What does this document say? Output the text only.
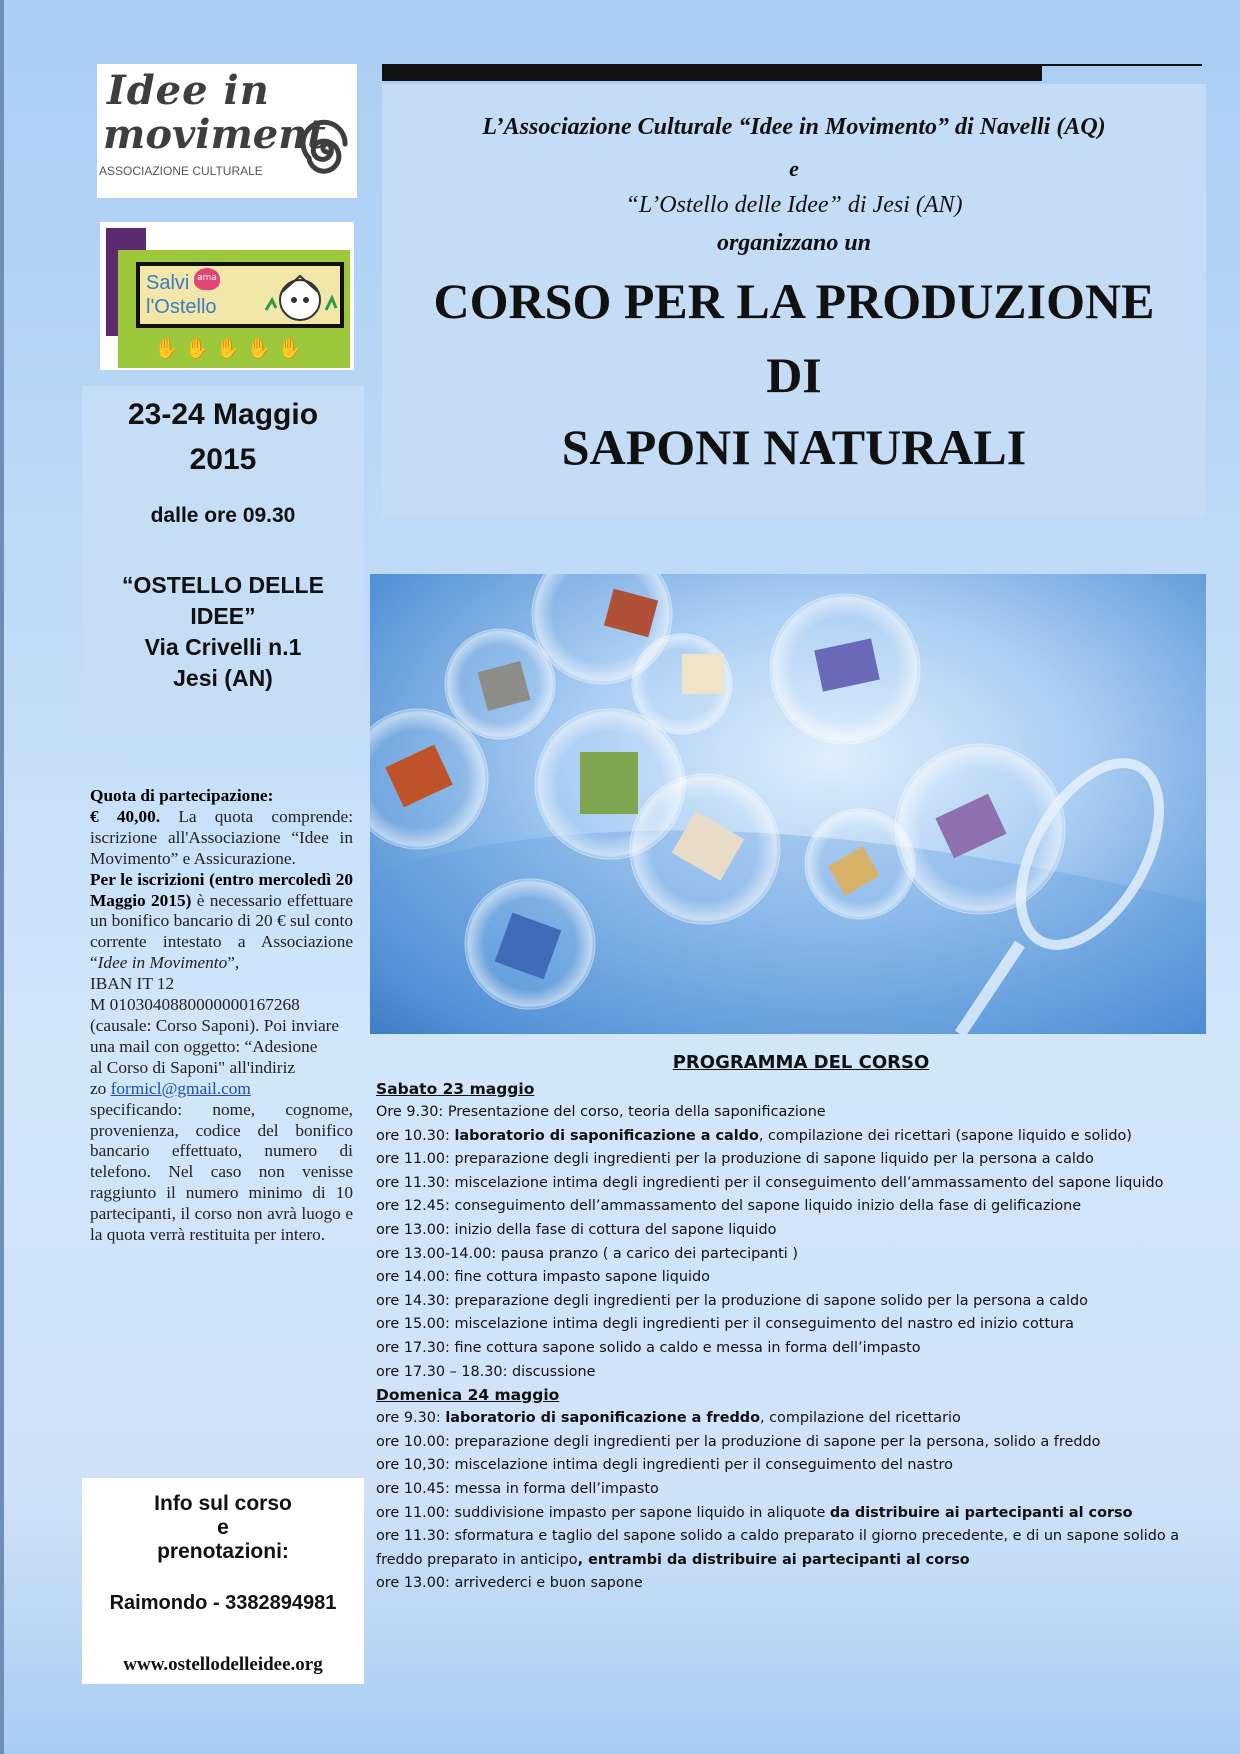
Idee in
moviment
ASSOCIAZIONE CULTURALE
Salvi ama
l'Ostello
✋✋✋✋✋
23-24 Maggio
2015
dalle ore 09.30
“OSTELLO DELLE
IDEE”
Via Crivelli n.1
Jesi (AN)
Quota di partecipazione:
€ 40,00. La quota comprende: iscrizione all'Associazione “Idee in Movimento” e Assicurazione.
Per le iscrizioni (entro mercoledì 20 Maggio 2015) è necessario effettuare un bonifico bancario di 20 € sul conto corrente intestato a Associazione “Idee in Movimento”,
IBAN IT 12
M 0103040880000000167268
(causale: Corso Saponi). Poi inviare una mail con oggetto: “Adesione
al Corso di Saponi" all'indiriz
zo formicl@gmail.com
specificando: nome, cognome, provenienza, codice del bonifico bancario effettuato, numero di telefono. Nel caso non venisse raggiunto il numero minimo di 10 partecipanti, il corso non avrà luogo e la quota verrà restituita per intero.
Info sul corso
e
prenotazioni:
Raimondo - 3382894981
www.ostellodelleidee.org
L’Associazione Culturale “Idee in Movimento” di Navelli (AQ)
e
“L’Ostello delle Idee” di Jesi (AN)
organizzano un
CORSO PER LA PRODUZIONE
DI
SAPONI NATURALI
PROGRAMMA DEL CORSO
Sabato 23 maggio
Ore 9.30: Presentazione del corso, teoria della saponificazione
ore 10.30: laboratorio di saponificazione a caldo, compilazione dei ricettari (sapone liquido e solido)
ore 11.00: preparazione degli ingredienti per la produzione di sapone liquido per la persona a caldo
ore 11.30: miscelazione intima degli ingredienti per il conseguimento dell’ammassamento del sapone liquido
ore 12.45: conseguimento dell’ammassamento del sapone liquido inizio della fase di gelificazione
ore 13.00: inizio della fase di cottura del sapone liquido
ore 13.00-14.00: pausa pranzo ( a carico dei partecipanti )
ore 14.00: fine cottura impasto sapone liquido
ore 14.30: preparazione degli ingredienti per la produzione di sapone solido per la persona a caldo
ore 15.00: miscelazione intima degli ingredienti per il conseguimento del nastro ed inizio cottura
ore 17.30: fine cottura sapone solido a caldo e messa in forma dell’impasto
ore 17.30 – 18.30: discussione
Domenica 24 maggio
ore 9.30: laboratorio di saponificazione a freddo, compilazione del ricettario
ore 10.00: preparazione degli ingredienti per la produzione di sapone per la persona, solido a freddo
ore 10,30: miscelazione intima degli ingredienti per il conseguimento del nastro
ore 10.45: messa in forma dell’impasto
ore 11.00: suddivisione impasto per sapone liquido in aliquote da distribuire ai partecipanti al corso
ore 11.30: sformatura e taglio del sapone solido a caldo preparato il giorno precedente, e di un sapone solido a freddo preparato in anticipo, entrambi da distribuire ai partecipanti al corso
ore 13.00: arrivederci e buon sapone
